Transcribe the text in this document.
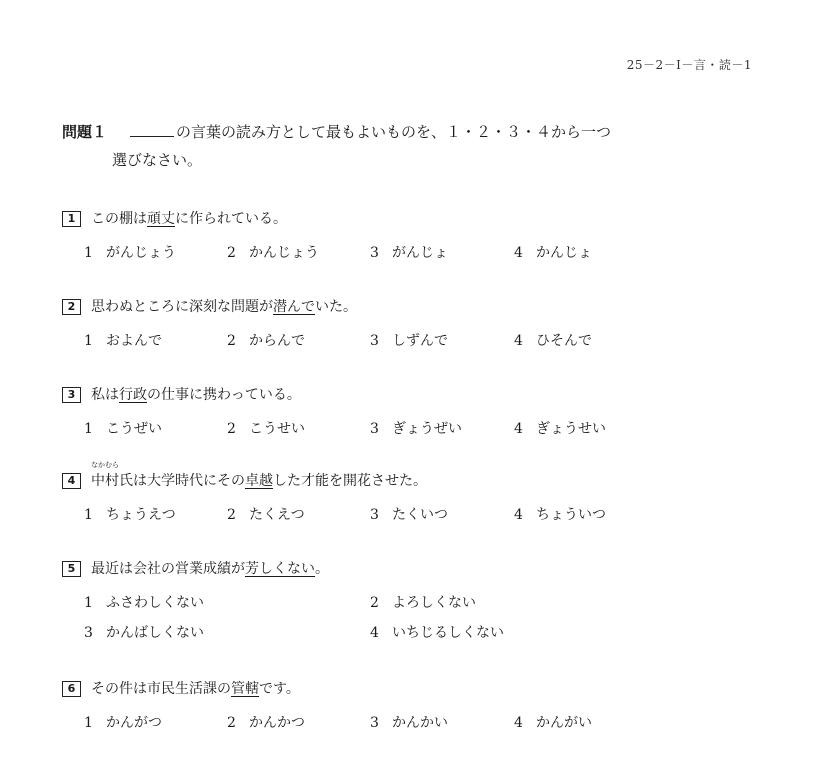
25－2－Ⅰ－言・読－1
問題１	の言葉の読み方として最もよいものを、１・２・３・４から一つ
選びなさい。
1 この棚は頑丈に作られている。
1 がんじょう	2 かんじょう	3 がんじょ	4 かんじょ
2 思わぬところに深刻な問題が潜んでいた。
1 およんで	2 からんで	3 しずんで	4 ひそんで
3 私は行政の仕事に携わっている。
1 こうぜい	2 こうせい	3 ぎょうぜい	4 ぎょうせい
4
なかむら
中村氏は大学時代にその卓越した才能を開花させた。
1 ちょうえつ	2 たくえつ	3 たくいつ	4 ちょういつ
5 最近は会社の営業成績が芳しくない。
1 ふさわしくない	2 よろしくない
3 かんばしくない	4 いちじるしくない
6 その件は市民生活課の管轄です。
1 かんがつ	2 かんかつ	3 かんかい	4 かんがい
